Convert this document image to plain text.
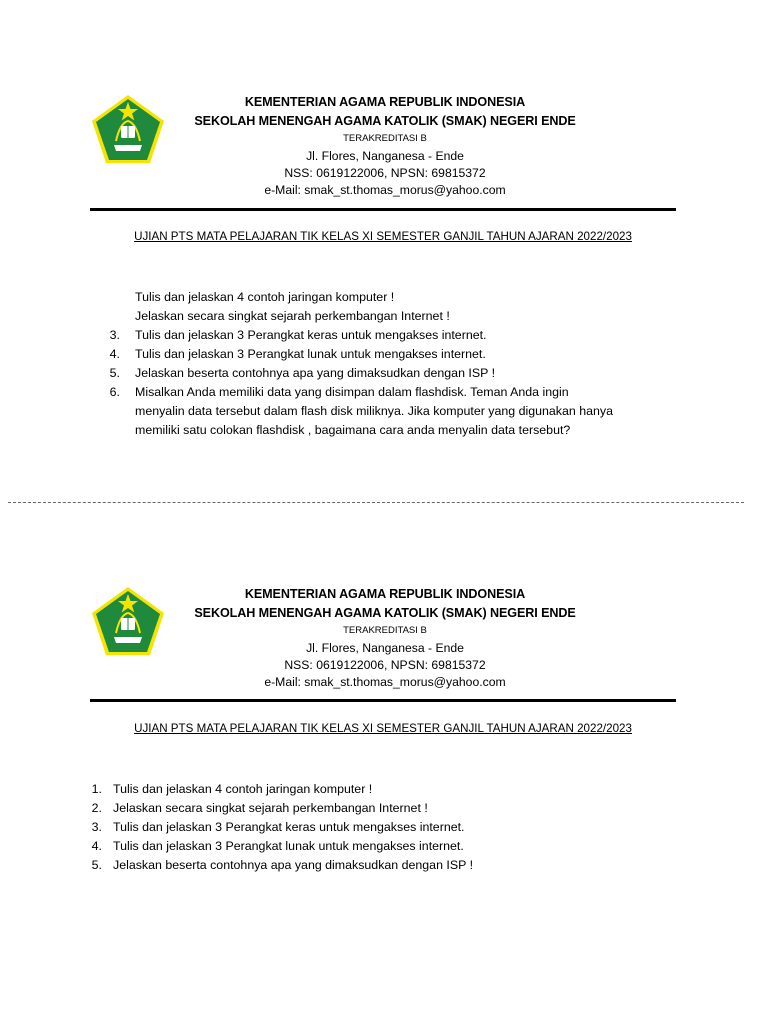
KEMENTERIAN AGAMA REPUBLIK INDONESIA
SEKOLAH MENENGAH AGAMA KATOLIK (SMAK) NEGERI ENDE
TERAKREDITASI B
Jl. Flores, Nanganesa - Ende
NSS: 0619122006, NPSN: 69815372
e-Mail: smak_st.thomas_morus@yahoo.com
UJIAN PTS MATA PELAJARAN TIK KELAS XI SEMESTER GANJIL TAHUN AJARAN 2022/2023
Tulis dan jelaskan 4 contoh jaringan komputer !
Jelaskan secara singkat sejarah perkembangan Internet !
3. Tulis dan jelaskan 3 Perangkat keras untuk mengakses internet.
4. Tulis dan jelaskan 3 Perangkat lunak untuk mengakses internet.
5. Jelaskan beserta contohnya apa yang dimaksudkan dengan ISP !
6. Misalkan Anda memiliki data yang disimpan dalam flashdisk. Teman Anda ingin
menyalin data tersebut dalam flash disk miliknya. Jika komputer yang digunakan hanya
memiliki satu colokan flashdisk , bagaimana cara anda menyalin data tersebut?
KEMENTERIAN AGAMA REPUBLIK INDONESIA
SEKOLAH MENENGAH AGAMA KATOLIK (SMAK) NEGERI ENDE
TERAKREDITASI B
Jl. Flores, Nanganesa - Ende
NSS: 0619122006, NPSN: 69815372
e-Mail: smak_st.thomas_morus@yahoo.com
UJIAN PTS MATA PELAJARAN TIK KELAS XI SEMESTER GANJIL TAHUN AJARAN 2022/2023
1. Tulis dan jelaskan 4 contoh jaringan komputer !
2. Jelaskan secara singkat sejarah perkembangan Internet !
3. Tulis dan jelaskan 3 Perangkat keras untuk mengakses internet.
4. Tulis dan jelaskan 3 Perangkat lunak untuk mengakses internet.
5. Jelaskan beserta contohnya apa yang dimaksudkan dengan ISP !
